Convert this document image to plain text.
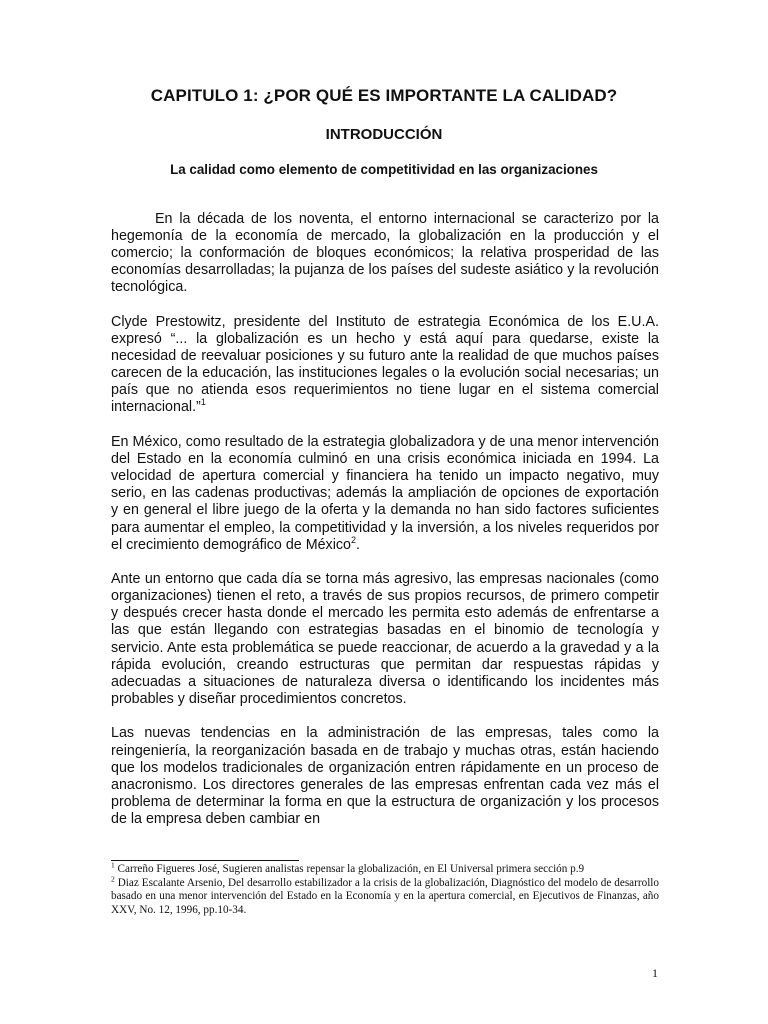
CAPITULO 1: ¿POR QUÉ ES IMPORTANTE LA CALIDAD?
INTRODUCCIÓN
La calidad como elemento de competitividad en las organizaciones

En la década de los noventa, el entorno internacional se caracterizo por la hegemonía de la economía de mercado, la globalización en la producción y el comercio; la conformación de bloques económicos; la relativa prosperidad de las economías desarrolladas; la pujanza de los países del sudeste asiático y la revolución tecnológica.

Clyde Prestowitz, presidente del Instituto de estrategia Económica de los E.U.A. expresó “... la globalización es un hecho y está aquí para quedarse, existe la necesidad de reevaluar posiciones y su futuro ante la realidad de que muchos países carecen de la educación, las instituciones legales o la evolución social necesarias; un país que no atienda esos requerimientos no tiene lugar en el sistema comercial internacional.”$^1$

En México, como resultado de la estrategia globalizadora y de una menor intervención del Estado en la economía culminó en una crisis económica iniciada en 1994. La velocidad de apertura comercial y financiera ha tenido un impacto negativo, muy serio, en las cadenas productivas; además la ampliación de opciones de exportación y en general el libre juego de la oferta y la demanda no han sido factores suficientes para aumentar el empleo, la competitividad y la inversión, a los niveles requeridos por el crecimiento demográfico de México$^2$.

Ante un entorno que cada día se torna más agresivo, las empresas nacionales (como organizaciones) tienen el reto, a través de sus propios recursos, de primero competir y después crecer hasta donde el mercado les permita esto además de enfrentarse a las que están llegando con estrategias basadas en el binomio de tecnología y servicio. Ante esta problemática se puede reaccionar, de acuerdo a la gravedad y a la rápida evolución, creando estructuras que permitan dar respuestas rápidas y adecuadas a situaciones de naturaleza diversa o identificando los incidentes más probables y diseñar procedimientos concretos.

Las nuevas tendencias en la administración de las empresas, tales como la reingeniería, la reorganización basada en de trabajo y muchas otras, están haciendo que los modelos tradicionales de organización entren rápidamente en un proceso de anacronismo. Los directores generales de las empresas enfrentan cada vez más el problema de determinar la forma en que la estructura de organización y los procesos de la empresa deben cambiar en

$^1$ Carreño Figueres José, Sugieren analistas repensar la globalización, en El Universal primera sección p.9

$^2$ Diaz Escalante Arsenio, Del desarrollo estabilizador a la crisis de la globalización, Diagnóstico del modelo de desarrollo basado en una menor intervención del Estado en la Economía y en la apertura comercial, en Ejecutivos de Finanzas, año XXV, No. 12, 1996, pp.10-34.

1
